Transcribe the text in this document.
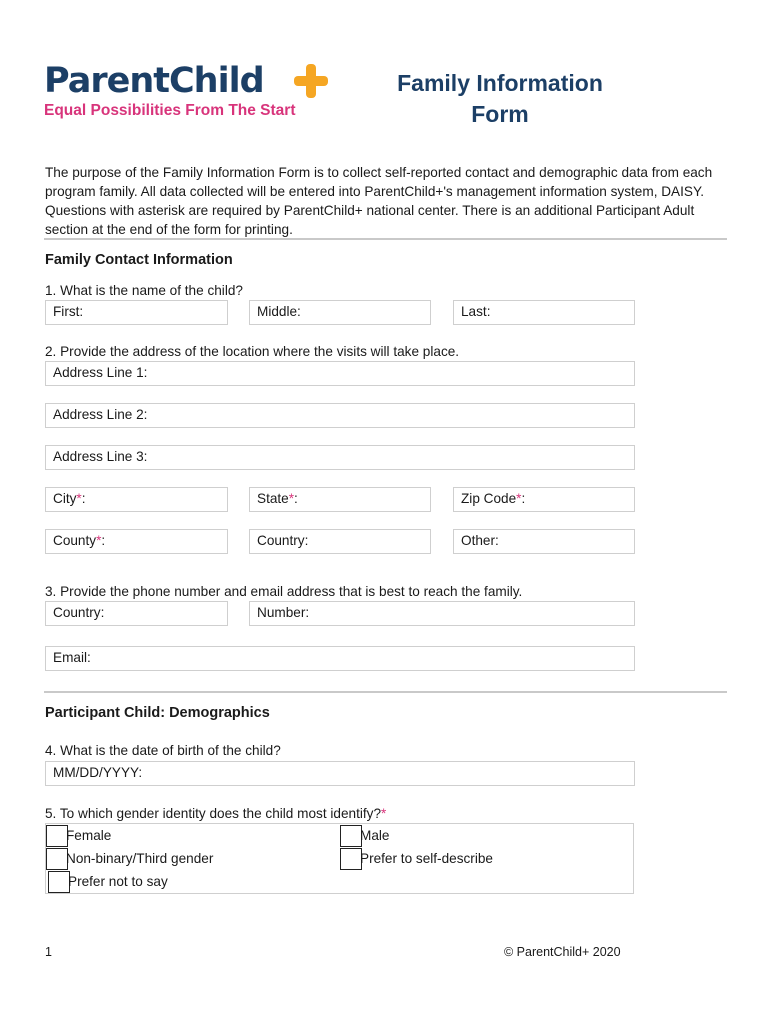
ParentChild
Equal Possibilities From The Start
Family Information
Form
The purpose of the Family Information Form is to collect self-reported contact and demographic data from each program family. All data collected will be entered into ParentChild+'s management information system, DAISY. Questions with asterisk are required by ParentChild+ national center. There is an additional Participant Adult section at the end of the form for printing.
Family Contact Information
1. What is the name of the child?
First:	Middle:	Last:
2. Provide the address of the location where the visits will take place.
Address Line 1:
Address Line 2:
Address Line 3:
City*:	State*:	Zip Code*:
County*:	Country:	Other:
3. Provide the phone number and email address that is best to reach the family.
Country:	Number:
Email:
Participant Child: Demographics
4. What is the date of birth of the child?
MM/DD/YYYY:
5. To which gender identity does the child most identify?*
Female	Male
Non-binary/Third gender	Prefer to self-describe
Prefer not to say
1	© ParentChild+ 2020
